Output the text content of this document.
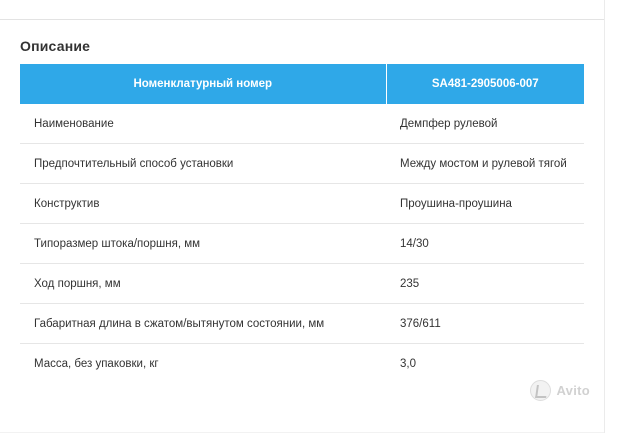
Описание
Номенклатурный номер	SA481-2905006-007
Наименование	Демпфер рулевой
Предпочтительный способ установки	Между мостом и рулевой тягой
Конструктив	Проушина-проушина
Типоразмер штока/поршня, мм	14/30
Ход поршня, мм	235
Габаритная длина в сжатом/вытянутом состоянии, мм	376/611
Масса, без упаковки, кг	3,0
Avito
